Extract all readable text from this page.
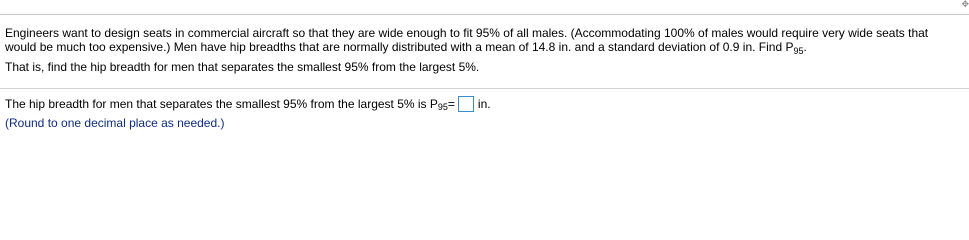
✥

Engineers want to design seats in commercial aircraft so that they are wide enough to fit 95% of all males. (Accommodating 100% of males would require very wide seats that would be much too expensive.) Men have hip breadths that are normally distributed with a mean of 14.8 in. and a standard deviation of 0.9 in. Find $P_{95}$.

That is, find the hip breadth for men that separates the smallest 95% from the largest 5%.

The hip breadth for men that separates the smallest 95% from the largest 5% is P 95 = in.
(Round to one decimal place as needed.)
